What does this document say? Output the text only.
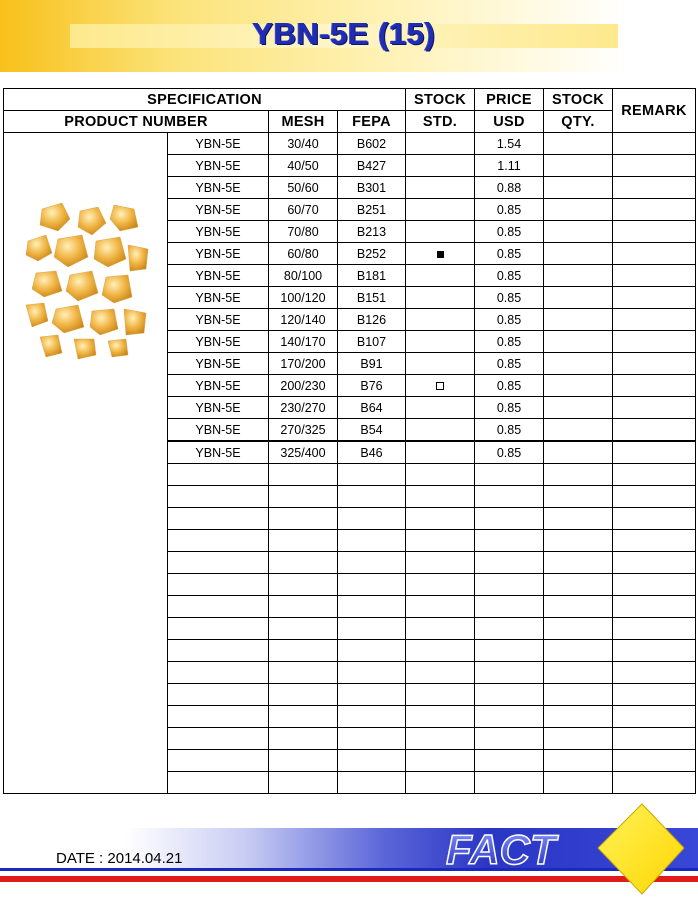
YBN-5E (15)
SPECIFICATION				STOCK	PRICE	STOCK	REMARK
PRODUCT NUMBER		MESH	FEPA	STD.	USD	QTY.	

	YBN-5E	30/40	B602		1.54		
	YBN-5E	40/50	B427		1.11		
	YBN-5E	50/60	B301		0.88		
	YBN-5E	60/70	B251		0.85		
	YBN-5E	70/80	B213		0.85		
	YBN-5E	60/80	B252		0.85		
	YBN-5E	80/100	B181		0.85		
	YBN-5E	100/120	B151		0.85		
	YBN-5E	120/140	B126		0.85		
	YBN-5E	140/170	B107		0.85		
	YBN-5E	170/200	B91		0.85		
	YBN-5E	200/230	B76		0.85		
	YBN-5E	230/270	B64		0.85		
	YBN-5E	270/325	B54		0.85		
	YBN-5E	325/400	B46		0.85		

DATE : 2014.04.21	FACT
